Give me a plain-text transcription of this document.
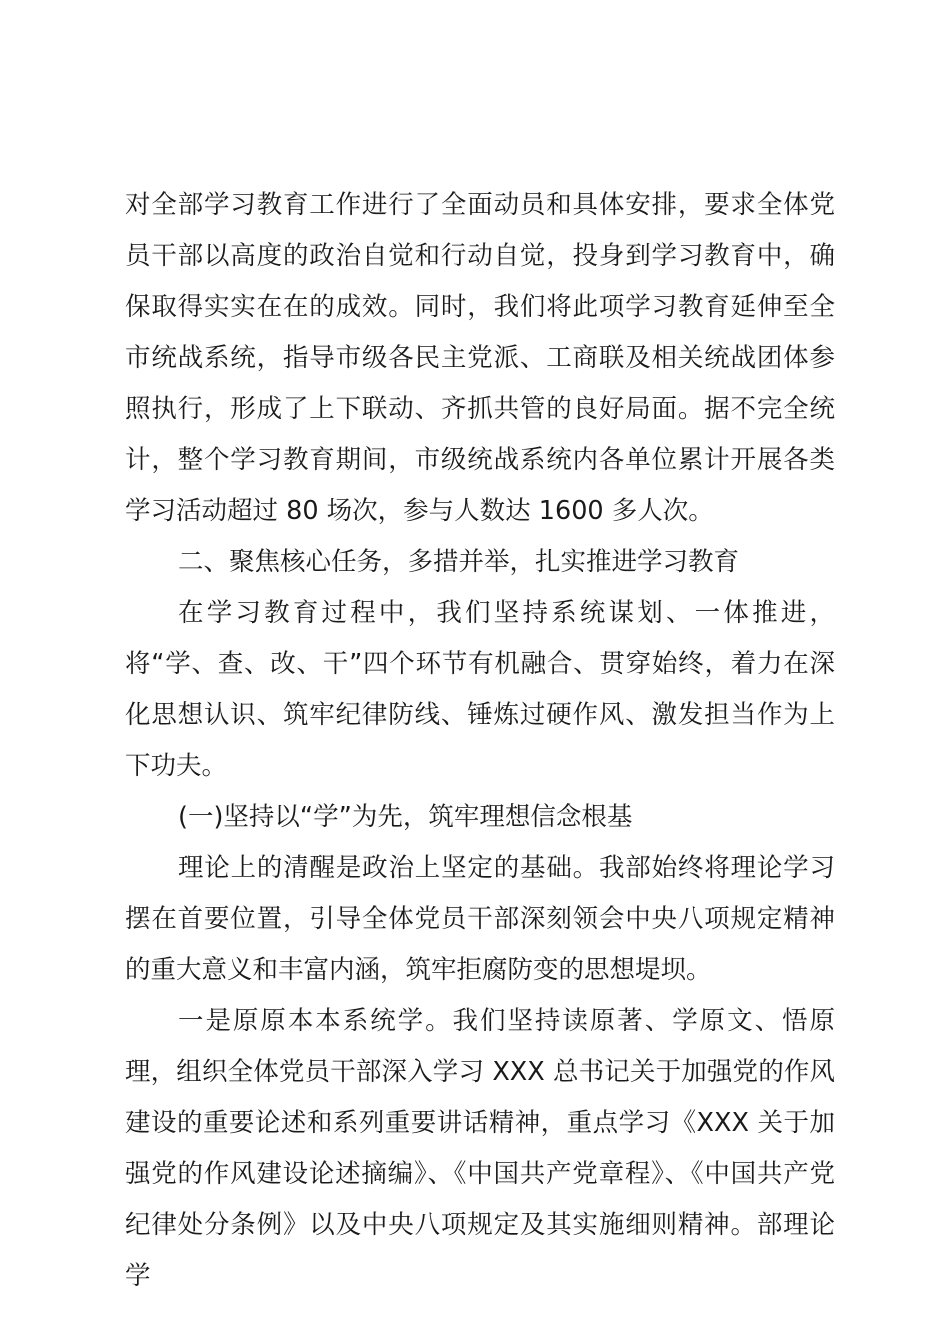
对全部学习教育工作进行了全面动员和具体安排，要求全体党员干部以高度的政治自觉和行动自觉，投身到学习教育中，确保取得实实在在的成效。同时，我们将此项学习教育延伸至全市统战系统，指导市级各民主党派、工商联及相关统战团体参照执行，形成了上下联动、齐抓共管的良好局面。据不完全统计，整个学习教育期间，市级统战系统内各单位累计开展各类学习活动超过 80 场次，参与人数达 1600 多人次。

二、聚焦核心任务，多措并举，扎实推进学习教育

在学习教育过程中，我们坚持系统谋划、一体推进，将“学、查、改、干”四个环节有机融合、贯穿始终，着力在深化思想认识、筑牢纪律防线、锤炼过硬作风、激发担当作为上下功夫。

(一)坚持以“学”为先，筑牢理想信念根基

理论上的清醒是政治上坚定的基础。我部始终将理论学习摆在首要位置，引导全体党员干部深刻领会中央八项规定精神的重大意义和丰富内涵，筑牢拒腐防变的思想堤坝。

一是原原本本系统学。我们坚持读原著、学原文、悟原理，组织全体党员干部深入学习 XXX 总书记关于加强党的作风建设的重要论述和系列重要讲话精神，重点学习《XXX 关于加强党的作风建设论述摘编》、《中国共产党章程》、《中国共产党纪律处分条例》以及中央八项规定及其实施细则精神。部理论学
